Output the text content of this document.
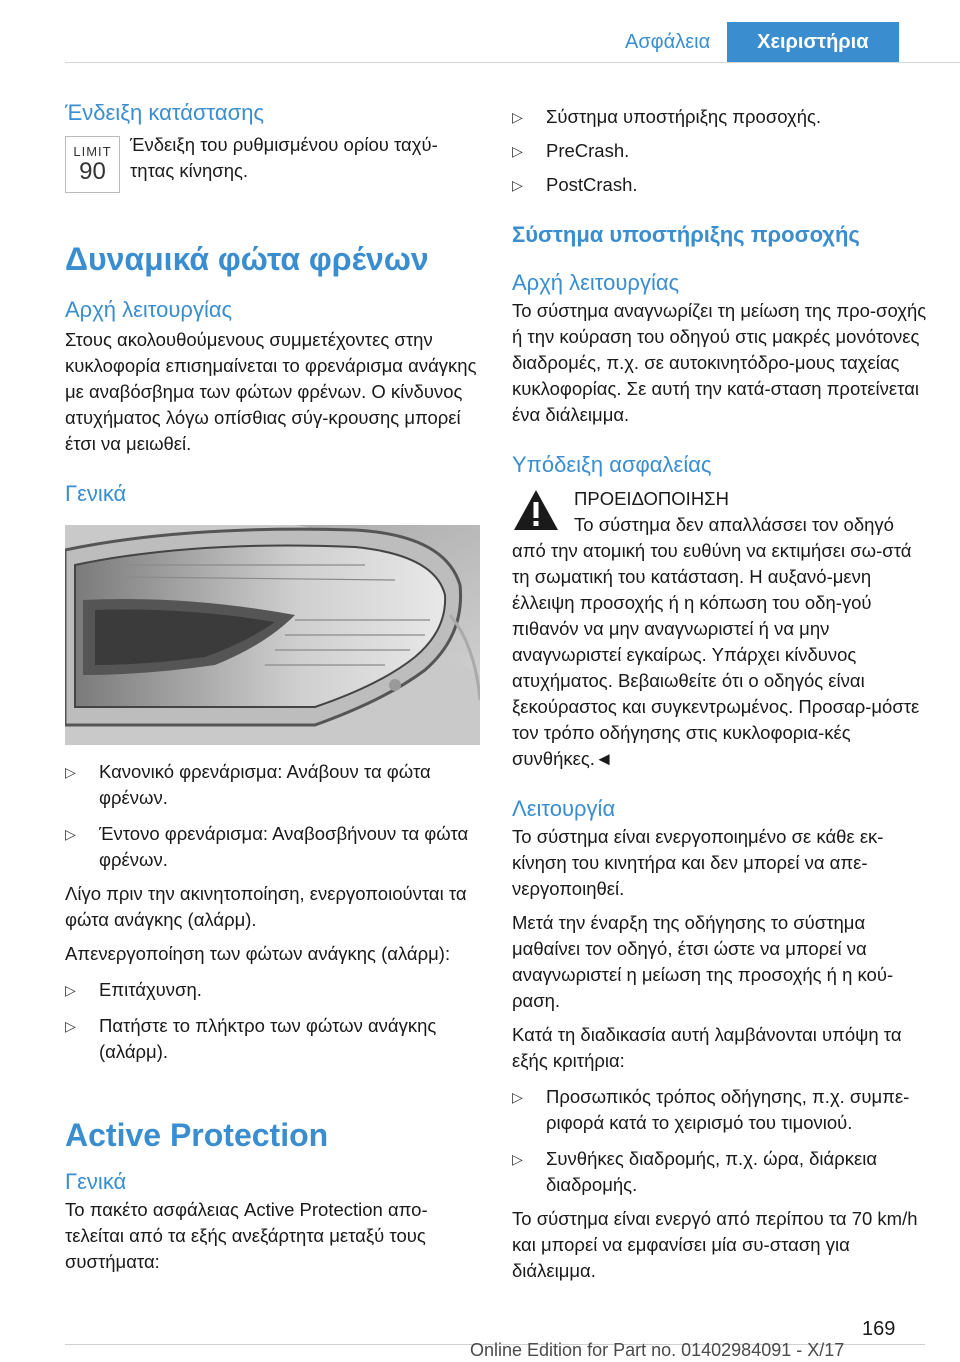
Ασφάλεια	Χειριστήρια
Ένδειξη κατάστασης
LIMIT
90

Ένδειξη του ρυθμισμένου ορίου ταχύ-τητας κίνησης.

Δυναμικά φώτα φρένων
Αρχή λειτουργίας

Στους ακολουθούμενους συμμετέχοντες στην κυκλοφορία επισημαίνεται το φρενάρισμα ανάγκης με αναβόσβημα των φώτων φρένων. Ο κίνδυνος ατυχήματος λόγω οπίσθιας σύγ-κρουσης μπορεί έτσι να μειωθεί.

Γενικά
▷ Κανονικό φρενάρισμα: Ανάβουν τα φώτα φρένων.
▷ Έντονο φρενάρισμα: Αναβοσβήνουν τα φώτα φρένων.

Λίγο πριν την ακινητοποίηση, ενεργοποιούνται τα φώτα ανάγκης (αλάρμ).

Απενεργοποίηση των φώτων ανάγκης (αλάρμ):

▷ Επιτάχυνση.
▷ Πατήστε το πλήκτρο των φώτων ανάγκης (αλάρμ).
Active Protection
Γενικά

Το πακέτο ασφάλειας Active Protection απο-τελείται από τα εξής ανεξάρτητα μεταξύ τους συστήματα:

▷ Σύστημα υποστήριξης προσοχής.
▷ PreCrash.
▷ PostCrash.
Σύστημα υποστήριξης προσοχής
Αρχή λειτουργίας

Το σύστημα αναγνωρίζει τη μείωση της προ-σοχής ή την κούραση του οδηγού στις μακρές μονότονες διαδρομές, π.χ. σε αυτοκινητόδρο-μους ταχείας κυκλοφορίας. Σε αυτή την κατά-σταση προτείνεται ένα διάλειμμα.

Υπόδειξη ασφαλείας

ΠΡΟΕΙΔΟΠΟΙΗΣΗ

Το σύστημα δεν απαλλάσσει τον οδηγό από την ατομική του ευθύνη να εκτιμήσει σω-στά τη σωματική του κατάσταση. Η αυξανό-μενη έλλειψη προσοχής ή η κόπωση του οδη-γού πιθανόν να μην αναγνωριστεί ή να μην αναγνωριστεί εγκαίρως. Υπάρχει κίνδυνος ατυχήματος. Βεβαιωθείτε ότι ο οδηγός είναι ξεκούραστος και συγκεντρωμένος. Προσαρ-μόστε τον τρόπο οδήγησης στις κυκλοφορια-κές συνθήκες.◄

Λειτουργία

Το σύστημα είναι ενεργοποιημένο σε κάθε εκ-κίνηση του κινητήρα και δεν μπορεί να απε-νεργοποιηθεί.

Μετά την έναρξη της οδήγησης το σύστημα μαθαίνει τον οδηγό, έτσι ώστε να μπορεί να αναγνωριστεί η μείωση της προσοχής ή η κού-ραση.

Κατά τη διαδικασία αυτή λαμβάνονται υπόψη τα εξής κριτήρια:

▷ Προσωπικός τρόπος οδήγησης, π.χ. συμπε-ριφορά κατά το χειρισμό του τιμονιού.
▷ Συνθήκες διαδρομής, π.χ. ώρα, διάρκεια διαδρομής.

Το σύστημα είναι ενεργό από περίπου τα 70 km/h και μπορεί να εμφανίσει μία συ-σταση για διάλειμμα.

169
Online Edition for Part no. 01402984091 - X/17
